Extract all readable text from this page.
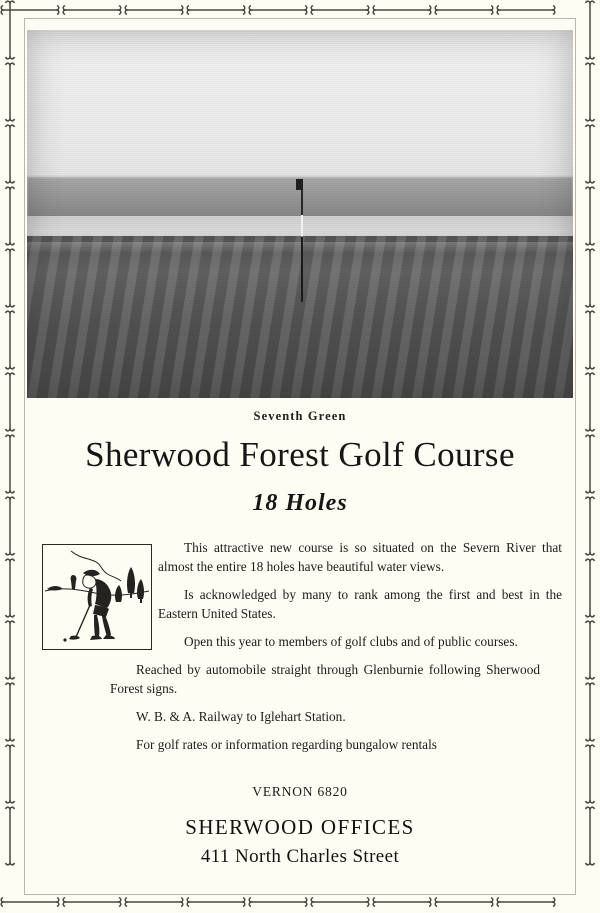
Seventh Green
Sherwood Forest Golf Course
18 Holes

This attractive new course is so situated on the Severn River that almost the entire 18 holes have beautiful water views.

Is acknowledged by many to rank among the first and best in the Eastern United States.

Open this year to members of golf clubs and of public courses.

Reached by automobile straight through Glenburnie following Sherwood Forest signs.

W. B. & A. Railway to Iglehart Station.

For golf rates or information regarding bungalow rentals

VERNON 6820
SHERWOOD OFFICES
411 North Charles Street
